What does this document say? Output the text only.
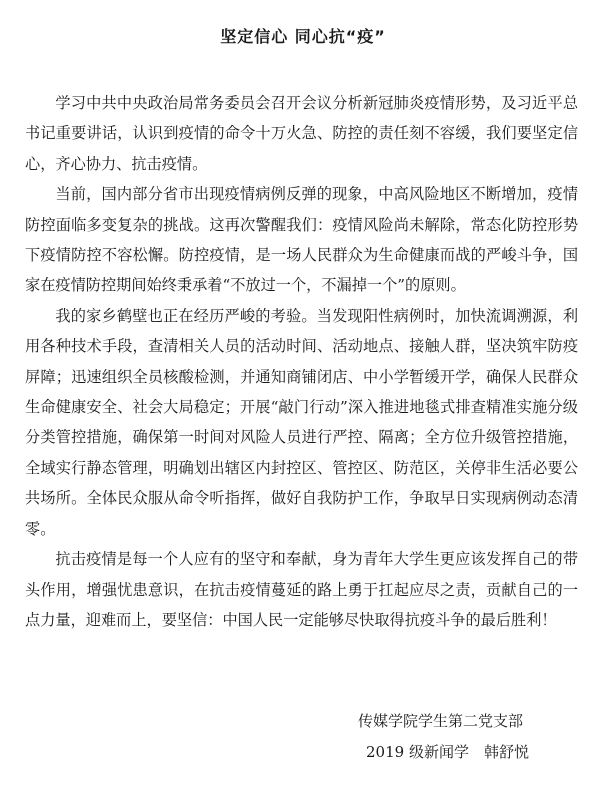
坚定信心 同心抗“疫”

学习中共中央政治局常务委员会召开会议分析新冠肺炎疫情形势，及习近平总书记重要讲话，认识到疫情的命令十万火急、防控的责任刻不容缓，我们要坚定信心，齐心协力、抗击疫情。

当前，国内部分省市出现疫情病例反弹的现象，中高风险地区不断增加，疫情防控面临多变复杂的挑战。这再次警醒我们：疫情风险尚未解除，常态化防控形势下疫情防控不容松懈。防控疫情，是一场人民群众为生命健康而战的严峻斗争，国家在疫情防控期间始终秉承着“不放过一个，不漏掉一个”的原则。

我的家乡鹤壁也正在经历严峻的考验。当发现阳性病例时，加快流调溯源，利用各种技术手段，查清相关人员的活动时间、活动地点、接触人群，坚决筑牢防疫屏障；迅速组织全员核酸检测，并通知商铺闭店、中小学暂缓开学，确保人民群众生命健康安全、社会大局稳定；开展“敲门行动”深入推进地毯式排查精准实施分级分类管控措施，确保第一时间对风险人员进行严控、隔离；全方位升级管控措施，全域实行静态管理，明确划出辖区内封控区、管控区、防范区，关停非生活必要公共场所。全体民众服从命令听指挥，做好自我防护工作，争取早日实现病例动态清零。

抗击疫情是每一个人应有的坚守和奉献，身为青年大学生更应该发挥自己的带头作用，增强忧患意识，在抗击疫情蔓延的路上勇于扛起应尽之责，贡献自己的一点力量，迎难而上，要坚信：中国人民一定能够尽快取得抗疫斗争的最后胜利！

传媒学院学生第二党支部
2019 级新闻学　韩舒悦
